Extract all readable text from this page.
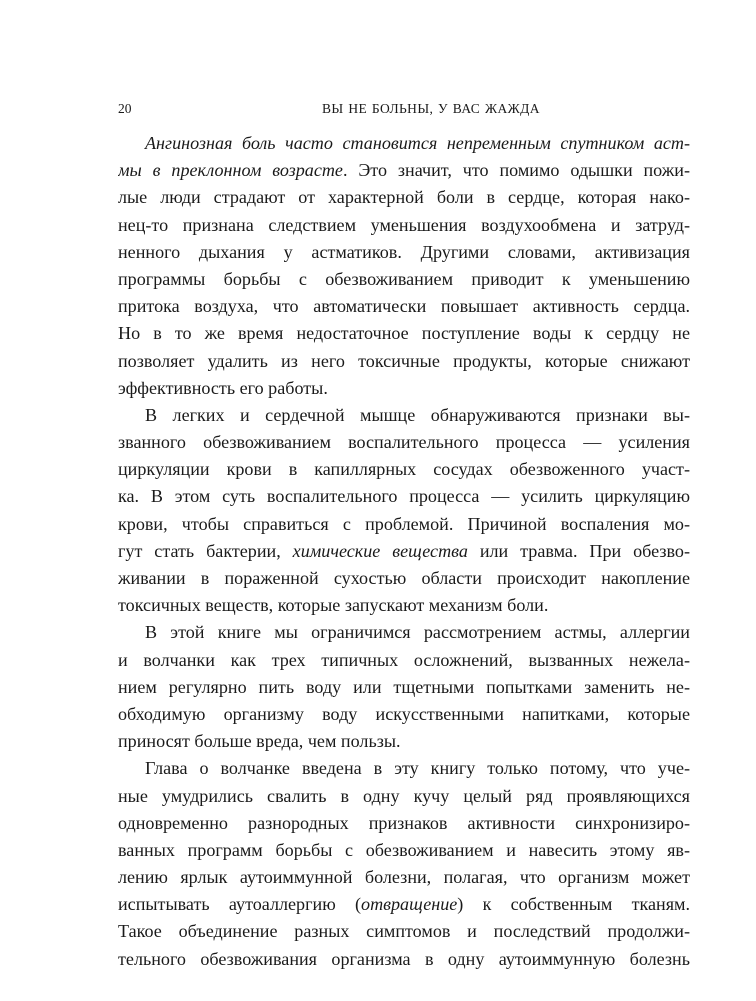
20	ВЫ НЕ БОЛЬНЫ, У ВАС ЖАЖДА
Ангинозная боль часто становится непременным спутником аст-
мы в преклонном возрасте. Это значит, что помимо одышки пожи-
лые люди страдают от характерной боли в сердце, которая нако-
нец-то признана следствием уменьшения воздухообмена и затруд-
ненного дыхания у астматиков. Другими словами, активизация
программы борьбы с обезвоживанием приводит к уменьшению
притока воздуха, что автоматически повышает активность сердца.
Но в то же время недостаточное поступление воды к сердцу не
позволяет удалить из него токсичные продукты, которые снижают
эффективность его работы.
В легких и сердечной мышце обнаруживаются признаки вы-
званного обезвоживанием воспалительного процесса — усиления
циркуляции крови в капиллярных сосудах обезвоженного участ-
ка. В этом суть воспалительного процесса — усилить циркуляцию
крови, чтобы справиться с проблемой. Причиной воспаления мо-
гут стать бактерии, химические вещества или травма. При обезво-
живании в пораженной сухостью области происходит накопление
токсичных веществ, которые запускают механизм боли.
В этой книге мы ограничимся рассмотрением астмы, аллергии
и волчанки как трех типичных осложнений, вызванных нежела-
нием регулярно пить воду или тщетными попытками заменить не-
обходимую организму воду искусственными напитками, которые
приносят больше вреда, чем пользы.
Глава о волчанке введена в эту книгу только потому, что уче-
ные умудрились свалить в одну кучу целый ряд проявляющихся
одновременно разнородных признаков активности синхронизиро-
ванных программ борьбы с обезвоживанием и навесить этому яв-
лению ярлык аутоиммунной болезни, полагая, что организм может
испытывать аутоаллергию (отвращение) к собственным тканям.
Такое объединение разных симптомов и последствий продолжи-
тельного обезвоживания организма в одну аутоиммунную болезнь
